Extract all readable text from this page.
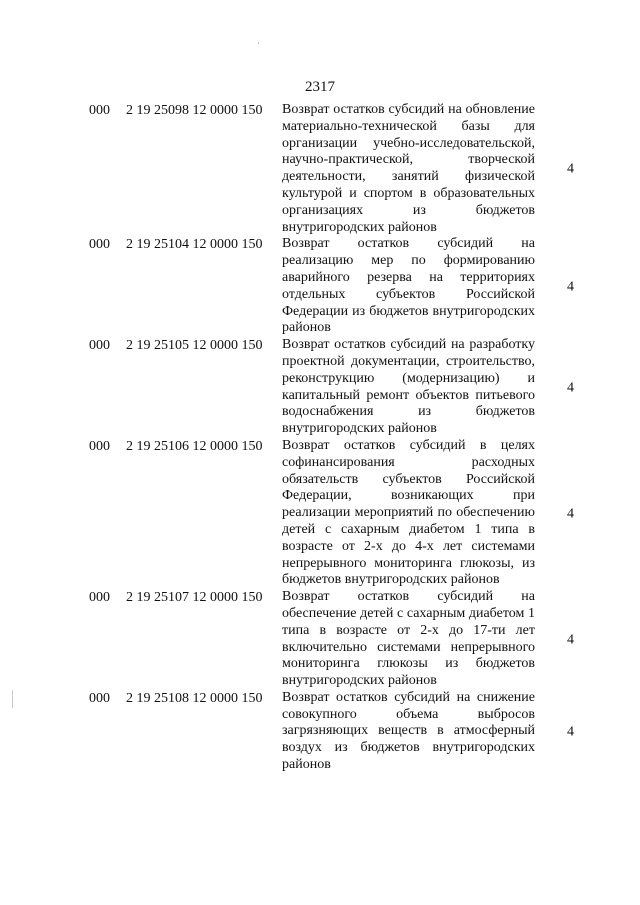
2317
000 2 19 25098 12 0000 150 Возврат остатков субсидий на обновление материально-технической базы для организации учебно-исследовательской, научно-практической, творческой деятельности, занятий физической культурой и спортом в образовательных организациях из бюджетов внутригородских районов
4
000 2 19 25104 12 0000 150 Возврат остатков субсидий на реализацию мер по формированию аварийного резерва на территориях отдельных субъектов Российской Федерации из бюджетов внутригородских районов
4
000 2 19 25105 12 0000 150 Возврат остатков субсидий на разработку проектной документации, строительство, реконструкцию (модернизацию) и капитальный ремонт объектов питьевого водоснабжения из бюджетов внутригородских районов
4
000 2 19 25106 12 0000 150 Возврат остатков субсидий в целях софинансирования расходных обязательств субъектов Российской Федерации, возникающих при реализации мероприятий по обеспечению детей с сахарным диабетом 1 типа в возрасте от 2-х до 4-х лет системами непрерывного мониторинга глюкозы, из бюджетов внутригородских районов
4
000 2 19 25107 12 0000 150 Возврат остатков субсидий на обеспечение детей с сахарным диабетом 1 типа в возрасте от 2-х до 17-ти лет включительно системами непрерывного мониторинга глюкозы из бюджетов внутригородских районов
4
000 2 19 25108 12 0000 150 Возврат остатков субсидий на снижение совокупного объема выбросов загрязняющих веществ в атмосферный воздух из бюджетов внутригородских районов
4
